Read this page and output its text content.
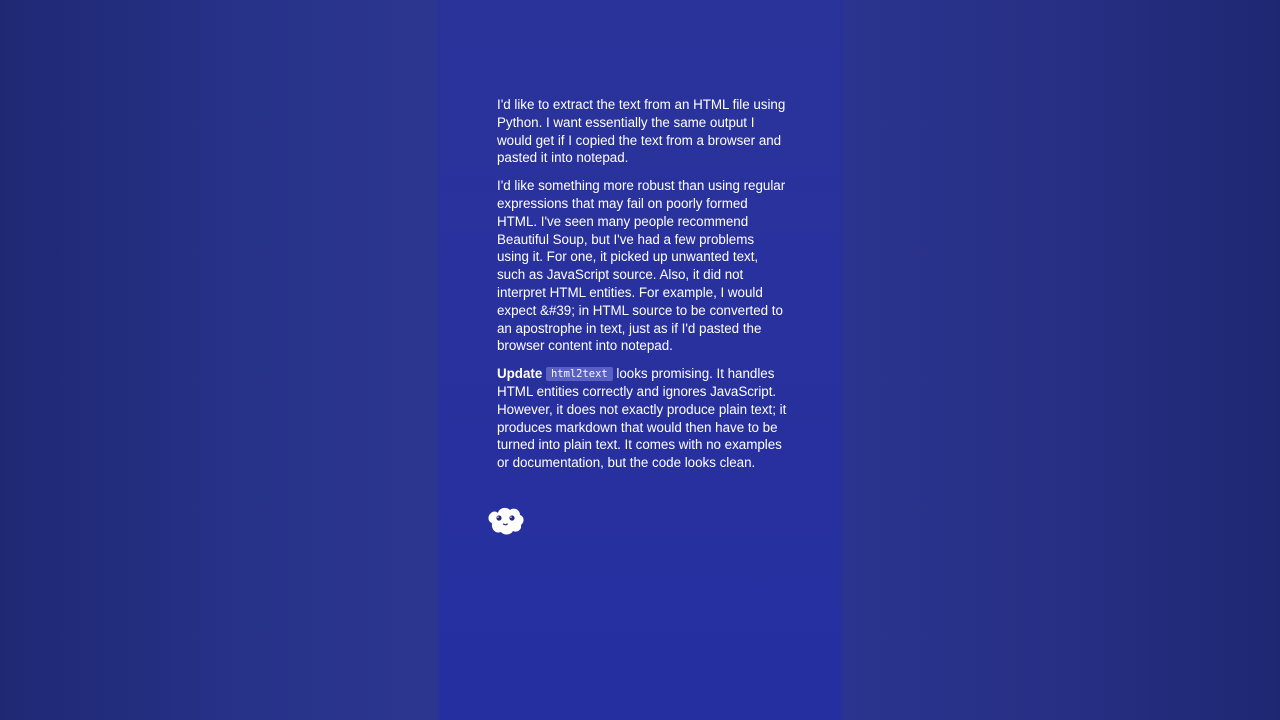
I'd like to extract the text from an HTML file using Python. I want essentially the same output I would get if I copied the text from a browser and pasted it into notepad.

I'd like something more robust than using regular expressions that may fail on poorly formed HTML. I've seen many people recommend Beautiful Soup, but I've had a few problems using it. For one, it picked up unwanted text, such as JavaScript source. Also, it did not interpret HTML entities. For example, I would expect &#39; in HTML source to be converted to an apostrophe in text, just as if I'd pasted the browser content into notepad.

Update html2text looks promising. It handles HTML entities correctly and ignores JavaScript. However, it does not exactly produce plain text; it produces markdown that would then have to be turned into plain text. It comes with no examples or documentation, but the code looks clean.
